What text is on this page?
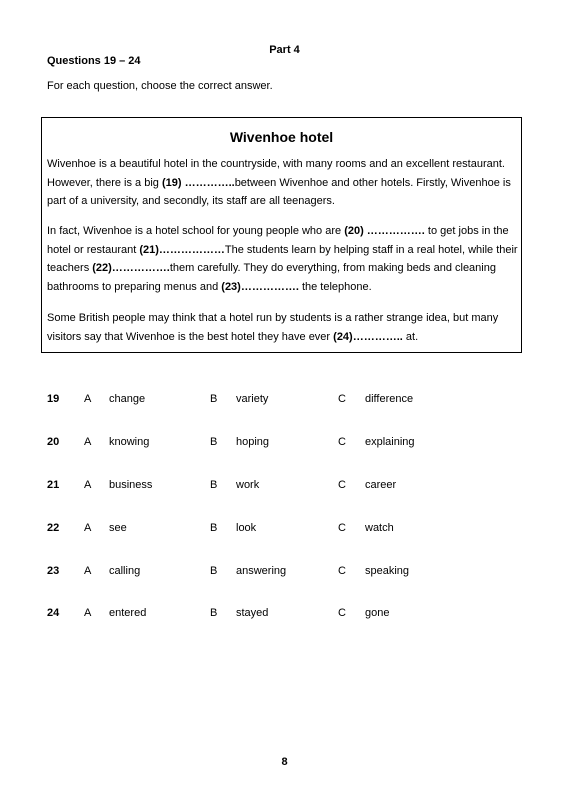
Part 4
Questions 19 – 24
For each question, choose the correct answer.
Wivenhoe hotel
Wivenhoe is a beautiful hotel in the countryside, with many rooms and an excellent restaurant. However, there is a big (19) …………..between Wivenhoe and other hotels. Firstly, Wivenhoe is part of a university, and secondly, its staff are all teenagers.
In fact, Wivenhoe is a hotel school for young people who are (20) ……………. to get jobs in the hotel or restaurant (21)………………The students learn by helping staff in a real hotel, while their teachers (22)…………….them carefully. They do everything, from making beds and cleaning bathrooms to preparing menus and (23)……………. the telephone.
Some British people may think that a hotel run by students is a rather strange idea, but many visitors say that Wivenhoe is the best hotel they have ever (24)………….. at.
19 A change	B variety	C difference
20 A knowing	B hoping	C explaining
21 A business	B work	C career
22 A see	B look	C watch
23 A calling	B answering	C speaking
24 A entered	B stayed	C gone
8
